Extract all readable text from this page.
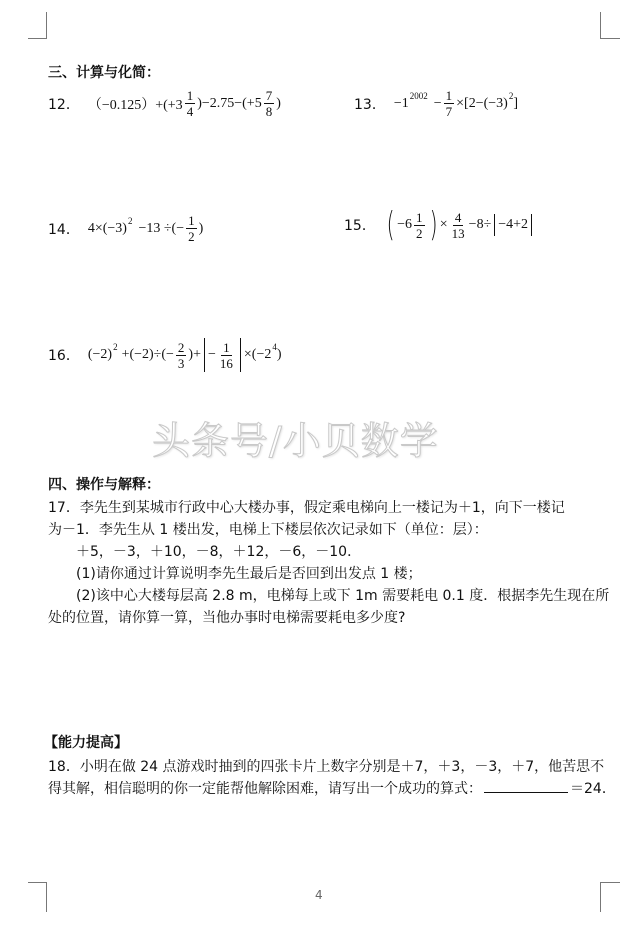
三、计算与化简：
12． $(-0.125)+(+3 \frac{1}{4} )-2.75-(+5 \frac{7}{8}$ )	13． −1 $2002 - \frac{1}{7} \times[2-(-3)$ 2 ]
14． 4×(−3) 2 −13 ÷(− $\frac{1}{2}$ )	15． ( $-6 \frac{1}{2}$ ) × $\frac{4}{13} -8\div -4+2$
16． (−2) $2 +(-2)\div(- \frac{2}{3}$ )+ − $\frac{1}{16} \times(-2$ 4 )
头条号/小贝数学
四、操作与解释：
17．李先生到某城市行政中心大楼办事，假定乘电梯向上一楼记为＋1，向下一楼记
为－1．李先生从 1 楼出发，电梯上下楼层依次记录如下（单位：层）：
＋5，－3，＋10，－8，＋12，－6，－10．
(1)请你通过计算说明李先生最后是否回到出发点 1 楼；
(2)该中心大楼每层高 2.8 m，电梯每上或下 1m 需要耗电 0.1 度．根据李先生现在所
处的位置，请你算一算，当他办事时电梯需要耗电多少度?
【能力提高】
18．小明在做 24 点游戏时抽到的四张卡片上数字分别是＋7，＋3，－3，＋7，他苦思不
得其解，相信聪明的你一定能帮他解除困难，请写出一个成功的算式：	＝24．
4
